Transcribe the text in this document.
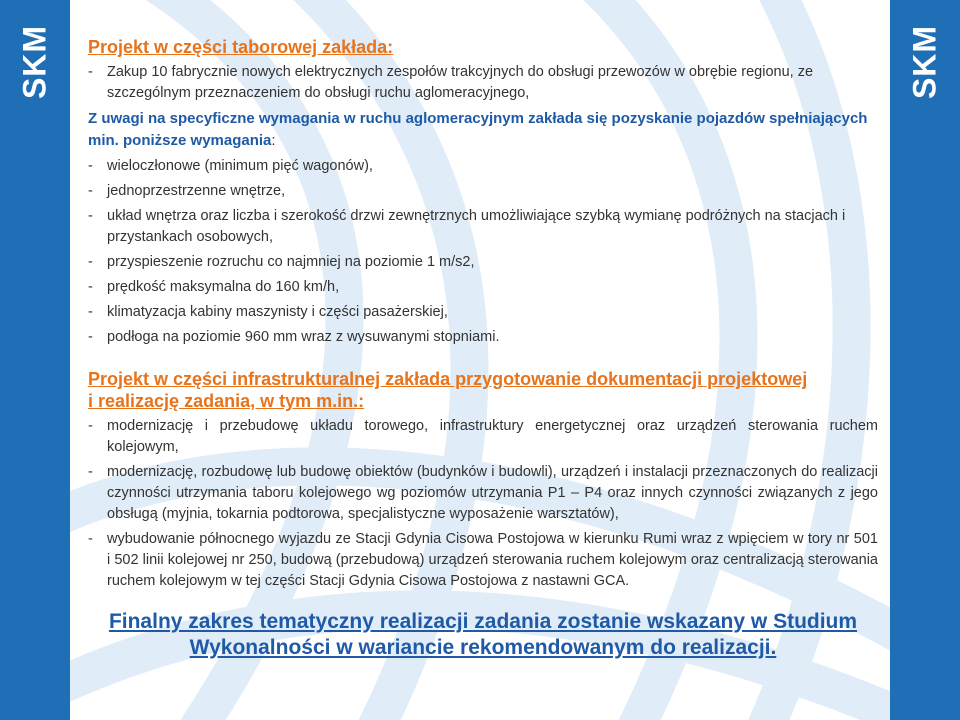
SKM	SKM
Projekt w części taborowej zakłada:
- Zakup 10 fabrycznie nowych elektrycznych zespołów trakcyjnych do obsługi przewozów w obrębie regionu, ze szczególnym przeznaczeniem do obsługi ruchu aglomeracyjnego,
Z uwagi na specyficzne wymagania w ruchu aglomeracyjnym zakłada się pozyskanie pojazdów spełniających min. poniższe wymagania:
- wieloczłonowe (minimum pięć wagonów),
- jednoprzestrzenne wnętrze,
- układ wnętrza oraz liczba i szerokość drzwi zewnętrznych umożliwiające szybką wymianę podróżnych na stacjach i przystankach osobowych,
- przyspieszenie rozruchu co najmniej na poziomie 1 m/s2,
- prędkość maksymalna do 160 km/h,
- klimatyzacja kabiny maszynisty i części pasażerskiej,
- podłoga na poziomie 960 mm wraz z wysuwanymi stopniami.
Projekt w części infrastrukturalnej zakłada przygotowanie dokumentacji projektowej
i realizację zadania, w tym m.in.:
- modernizację i przebudowę układu torowego, infrastruktury energetycznej oraz urządzeń sterowania ruchem kolejowym,
- modernizację, rozbudowę lub budowę obiektów (budynków i budowli), urządzeń i instalacji przeznaczonych do realizacji czynności utrzymania taboru kolejowego wg poziomów utrzymania P1 – P4 oraz innych czynności związanych z jego obsługą (myjnia, tokarnia podtorowa, specjalistyczne wyposażenie warsztatów),
- wybudowanie północnego wyjazdu ze Stacji Gdynia Cisowa Postojowa w kierunku Rumi wraz z wpięciem w tory nr 501 i 502 linii kolejowej nr 250, budową (przebudową) urządzeń sterowania ruchem kolejowym oraz centralizacją sterowania ruchem kolejowym w tej części Stacji Gdynia Cisowa Postojowa z nastawni GCA.
Finalny zakres tematyczny realizacji zadania zostanie wskazany w Studium
Wykonalności w wariancie rekomendowanym do realizacji.
